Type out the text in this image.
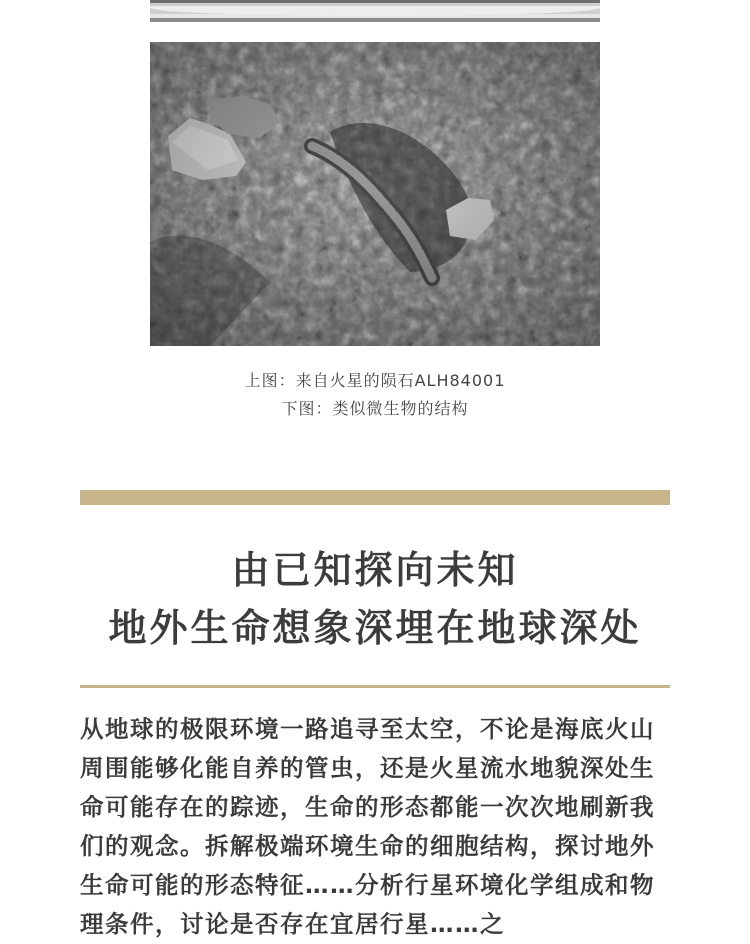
上图：来自火星的陨石ALH84001
下图：类似微生物的结构
由已知探向未知
地外生命想象深埋在地球深处
从地球的极限环境一路追寻至太空，不论是海底火山周围能够化能自养的管虫，还是火星流水地貌深处生命可能存在的踪迹，生命的形态都能一次次地刷新我们的观念。拆解极端环境生命的细胞结构，探讨地外生命可能的形态特征……分析行星环境化学组成和物理条件，讨论是否存在宜居行星……之
